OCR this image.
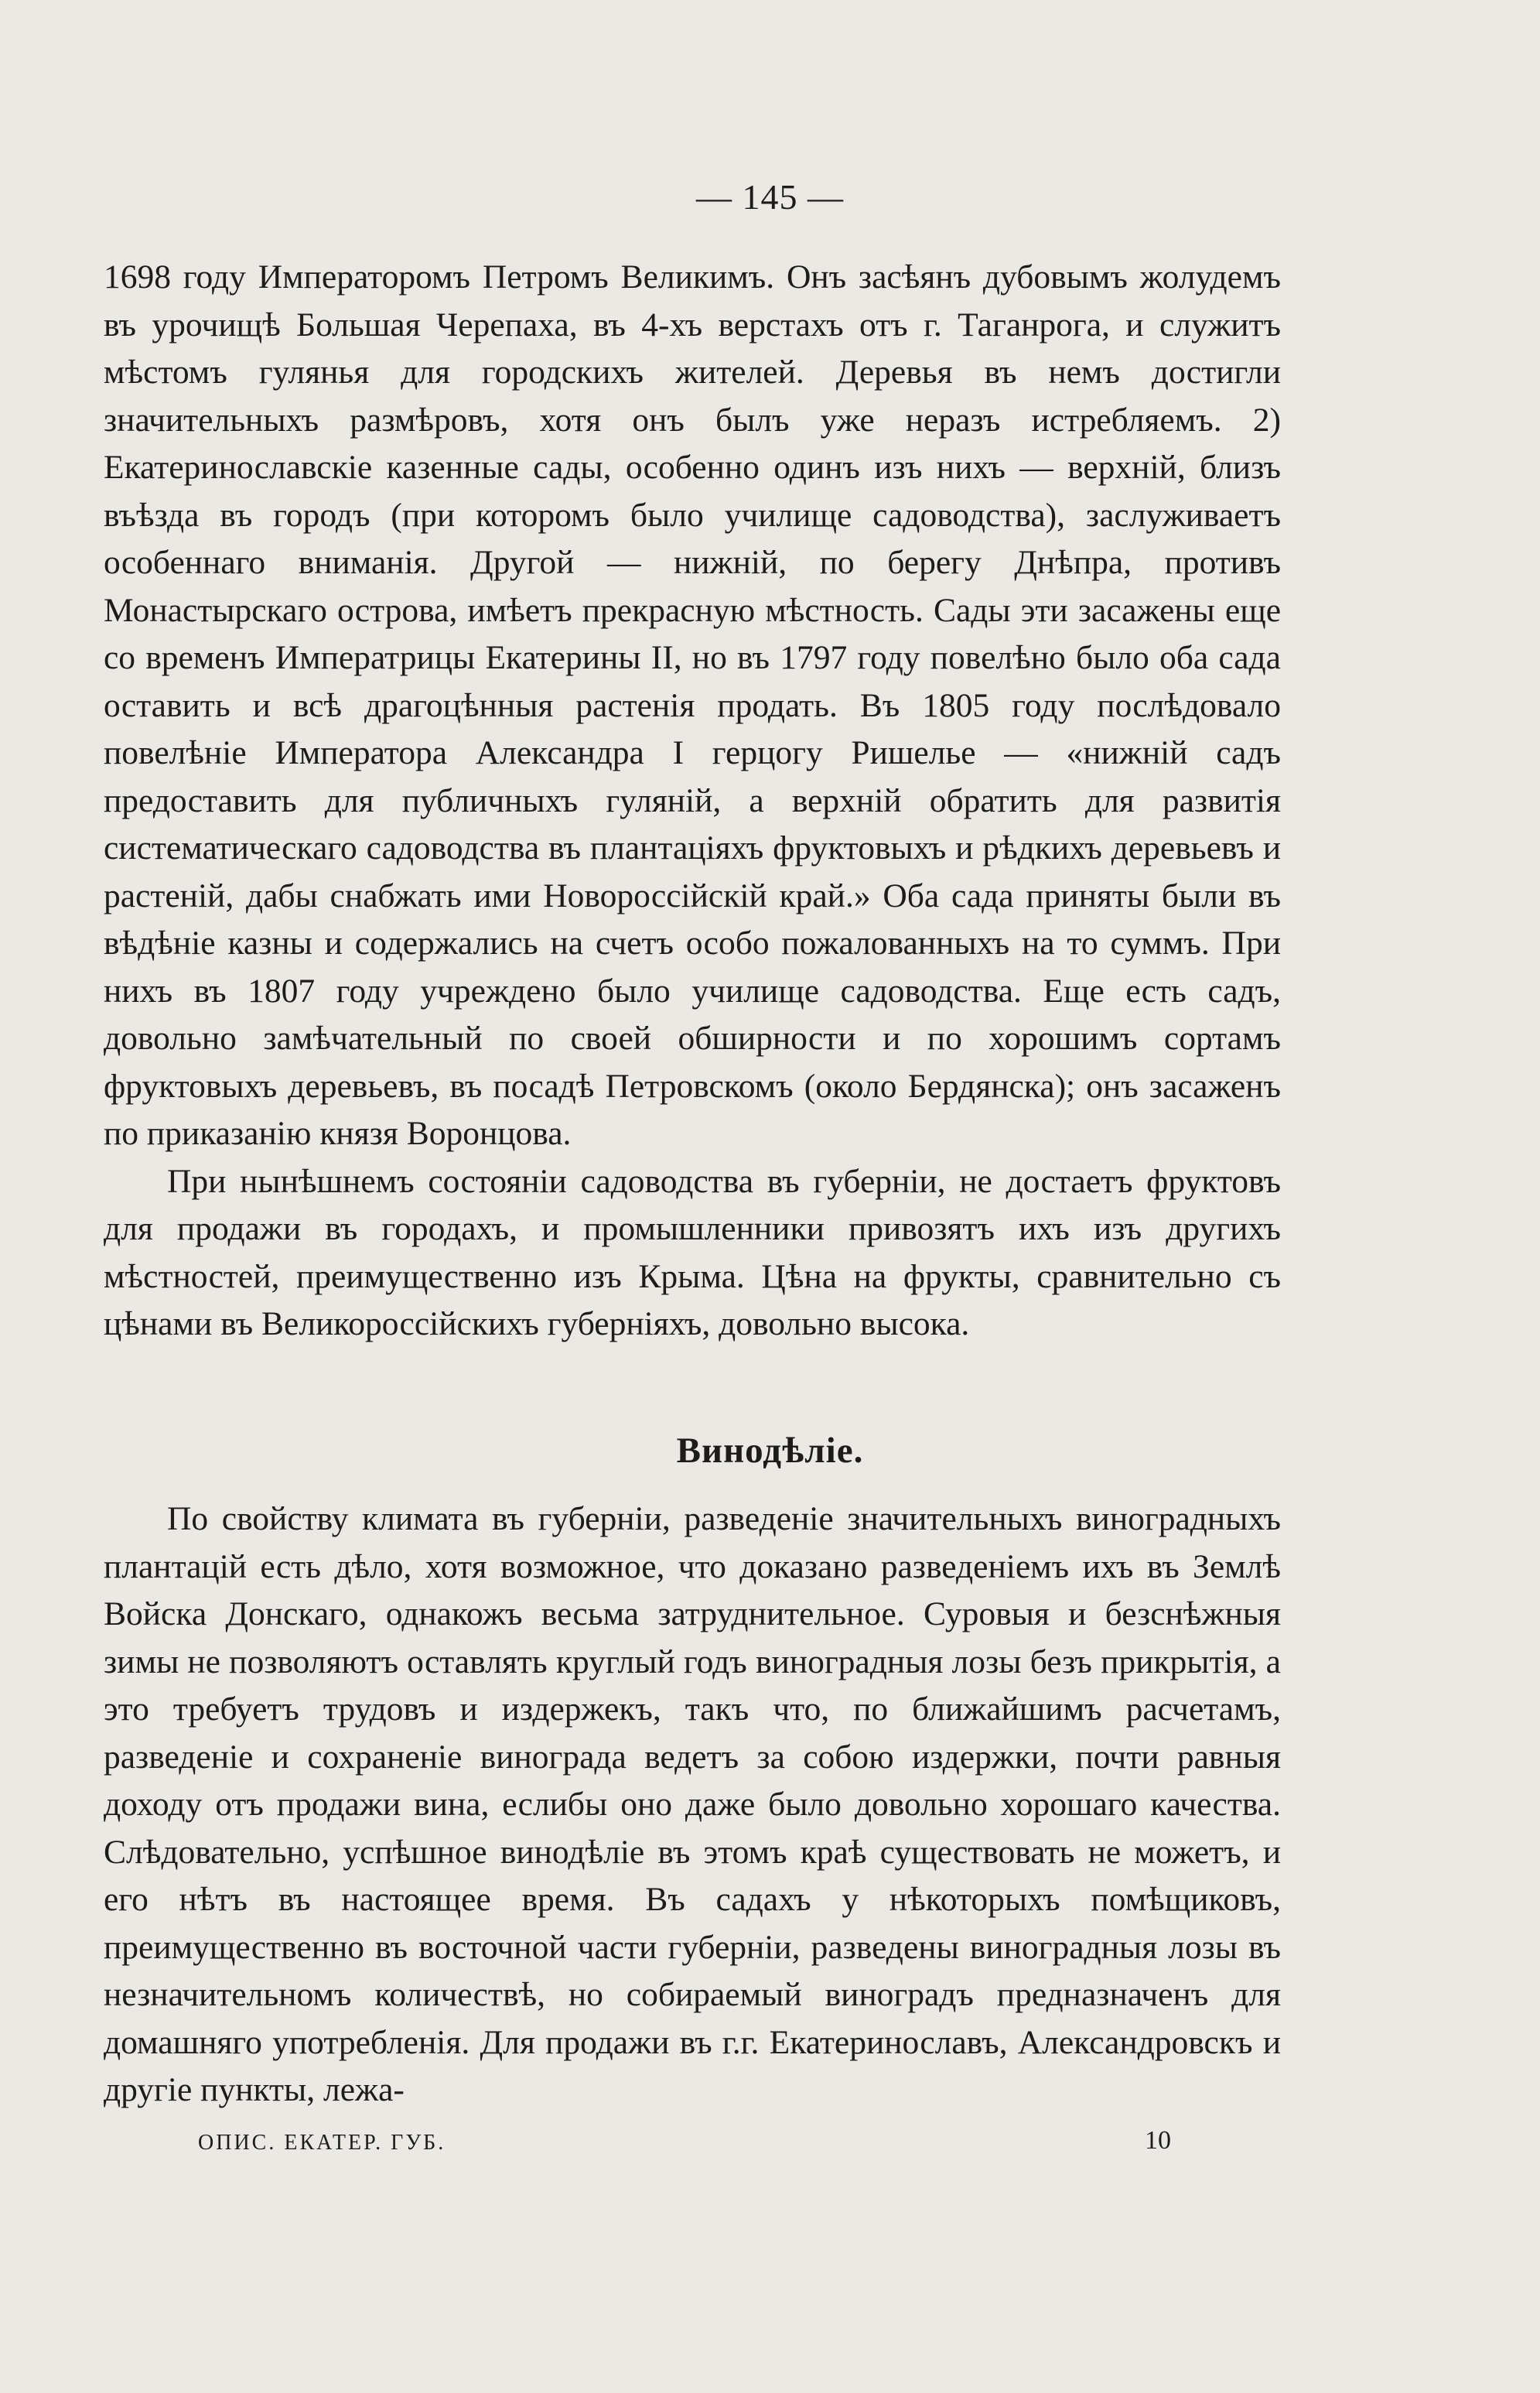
— 145 —

1698 году Императоромъ Петромъ Великимъ. Онъ засѣянъ дубовымъ жолудемъ въ урочищѣ Большая Черепаха, въ 4-хъ верстахъ отъ г. Таганрога, и служитъ мѣстомъ гулянья для городскихъ жителей. Деревья въ немъ достигли значительныхъ размѣровъ, хотя онъ былъ уже неразъ истребляемъ. 2) Екатеринославскіе казенные сады, особенно одинъ изъ нихъ — верхній, близъ въѣзда въ городъ (при которомъ было училище садоводства), заслуживаетъ особеннаго вниманія. Другой — нижній, по берегу Днѣпра, противъ Монастырскаго острова, имѣетъ прекрасную мѣстность. Сады эти засажены еще со временъ Императрицы Екатерины II, но въ 1797 году повелѣно было оба сада оставить и всѣ драгоцѣнныя растенія продать. Въ 1805 году послѣдовало повелѣніе Императора Александра I герцогу Ришелье — «нижній садъ предоставить для публичныхъ гуляній, а верхній обратить для развитія систематическаго садоводства въ плантаціяхъ фруктовыхъ и рѣдкихъ деревьевъ и растеній, дабы снабжать ими Новороссійскій край.» Оба сада приняты были въ вѣдѣніе казны и содержались на счетъ особо пожалованныхъ на то суммъ. При нихъ въ 1807 году учреждено было училище садоводства. Еще есть садъ, довольно замѣчательный по своей обширности и по хорошимъ сортамъ фруктовыхъ деревьевъ, въ посадѣ Петровскомъ (около Бердянска); онъ засаженъ по приказанію князя Воронцова.

При нынѣшнемъ состояніи садоводства въ губерніи, не достаетъ фруктовъ для продажи въ городахъ, и промышленники привозятъ ихъ изъ другихъ мѣстностей, преимущественно изъ Крыма. Цѣна на фрукты, сравнительно съ цѣнами въ Великороссійскихъ губерніяхъ, довольно высока.

Винодѣліе.

По свойству климата въ губерніи, разведеніе значительныхъ виноградныхъ плантацій есть дѣло, хотя возможное, что доказано разведеніемъ ихъ въ Землѣ Войска Донскаго, однакожъ весьма затруднительное. Суровыя и безснѣжныя зимы не позволяютъ оставлять круглый годъ виноградныя лозы безъ прикрытія, а это требуетъ трудовъ и издержекъ, такъ что, по ближайшимъ расчетамъ, разведеніе и сохраненіе винограда ведетъ за собою издержки, почти равныя доходу отъ продажи вина, еслибы оно даже было довольно хорошаго качества. Слѣдовательно, успѣшное винодѣліе въ этомъ краѣ существовать не можетъ, и его нѣтъ въ настоящее время. Въ садахъ у нѣкоторыхъ помѣщиковъ, преимущественно въ восточной части губерніи, разведены виноградныя лозы въ незначительномъ количествѣ, но собираемый виноградъ предназначенъ для домашняго употребленія. Для продажи въ г.г. Екатеринославъ, Александровскъ и другіе пункты, лежа-

ОПИС. ЕКАТЕР. ГУБ.	10
